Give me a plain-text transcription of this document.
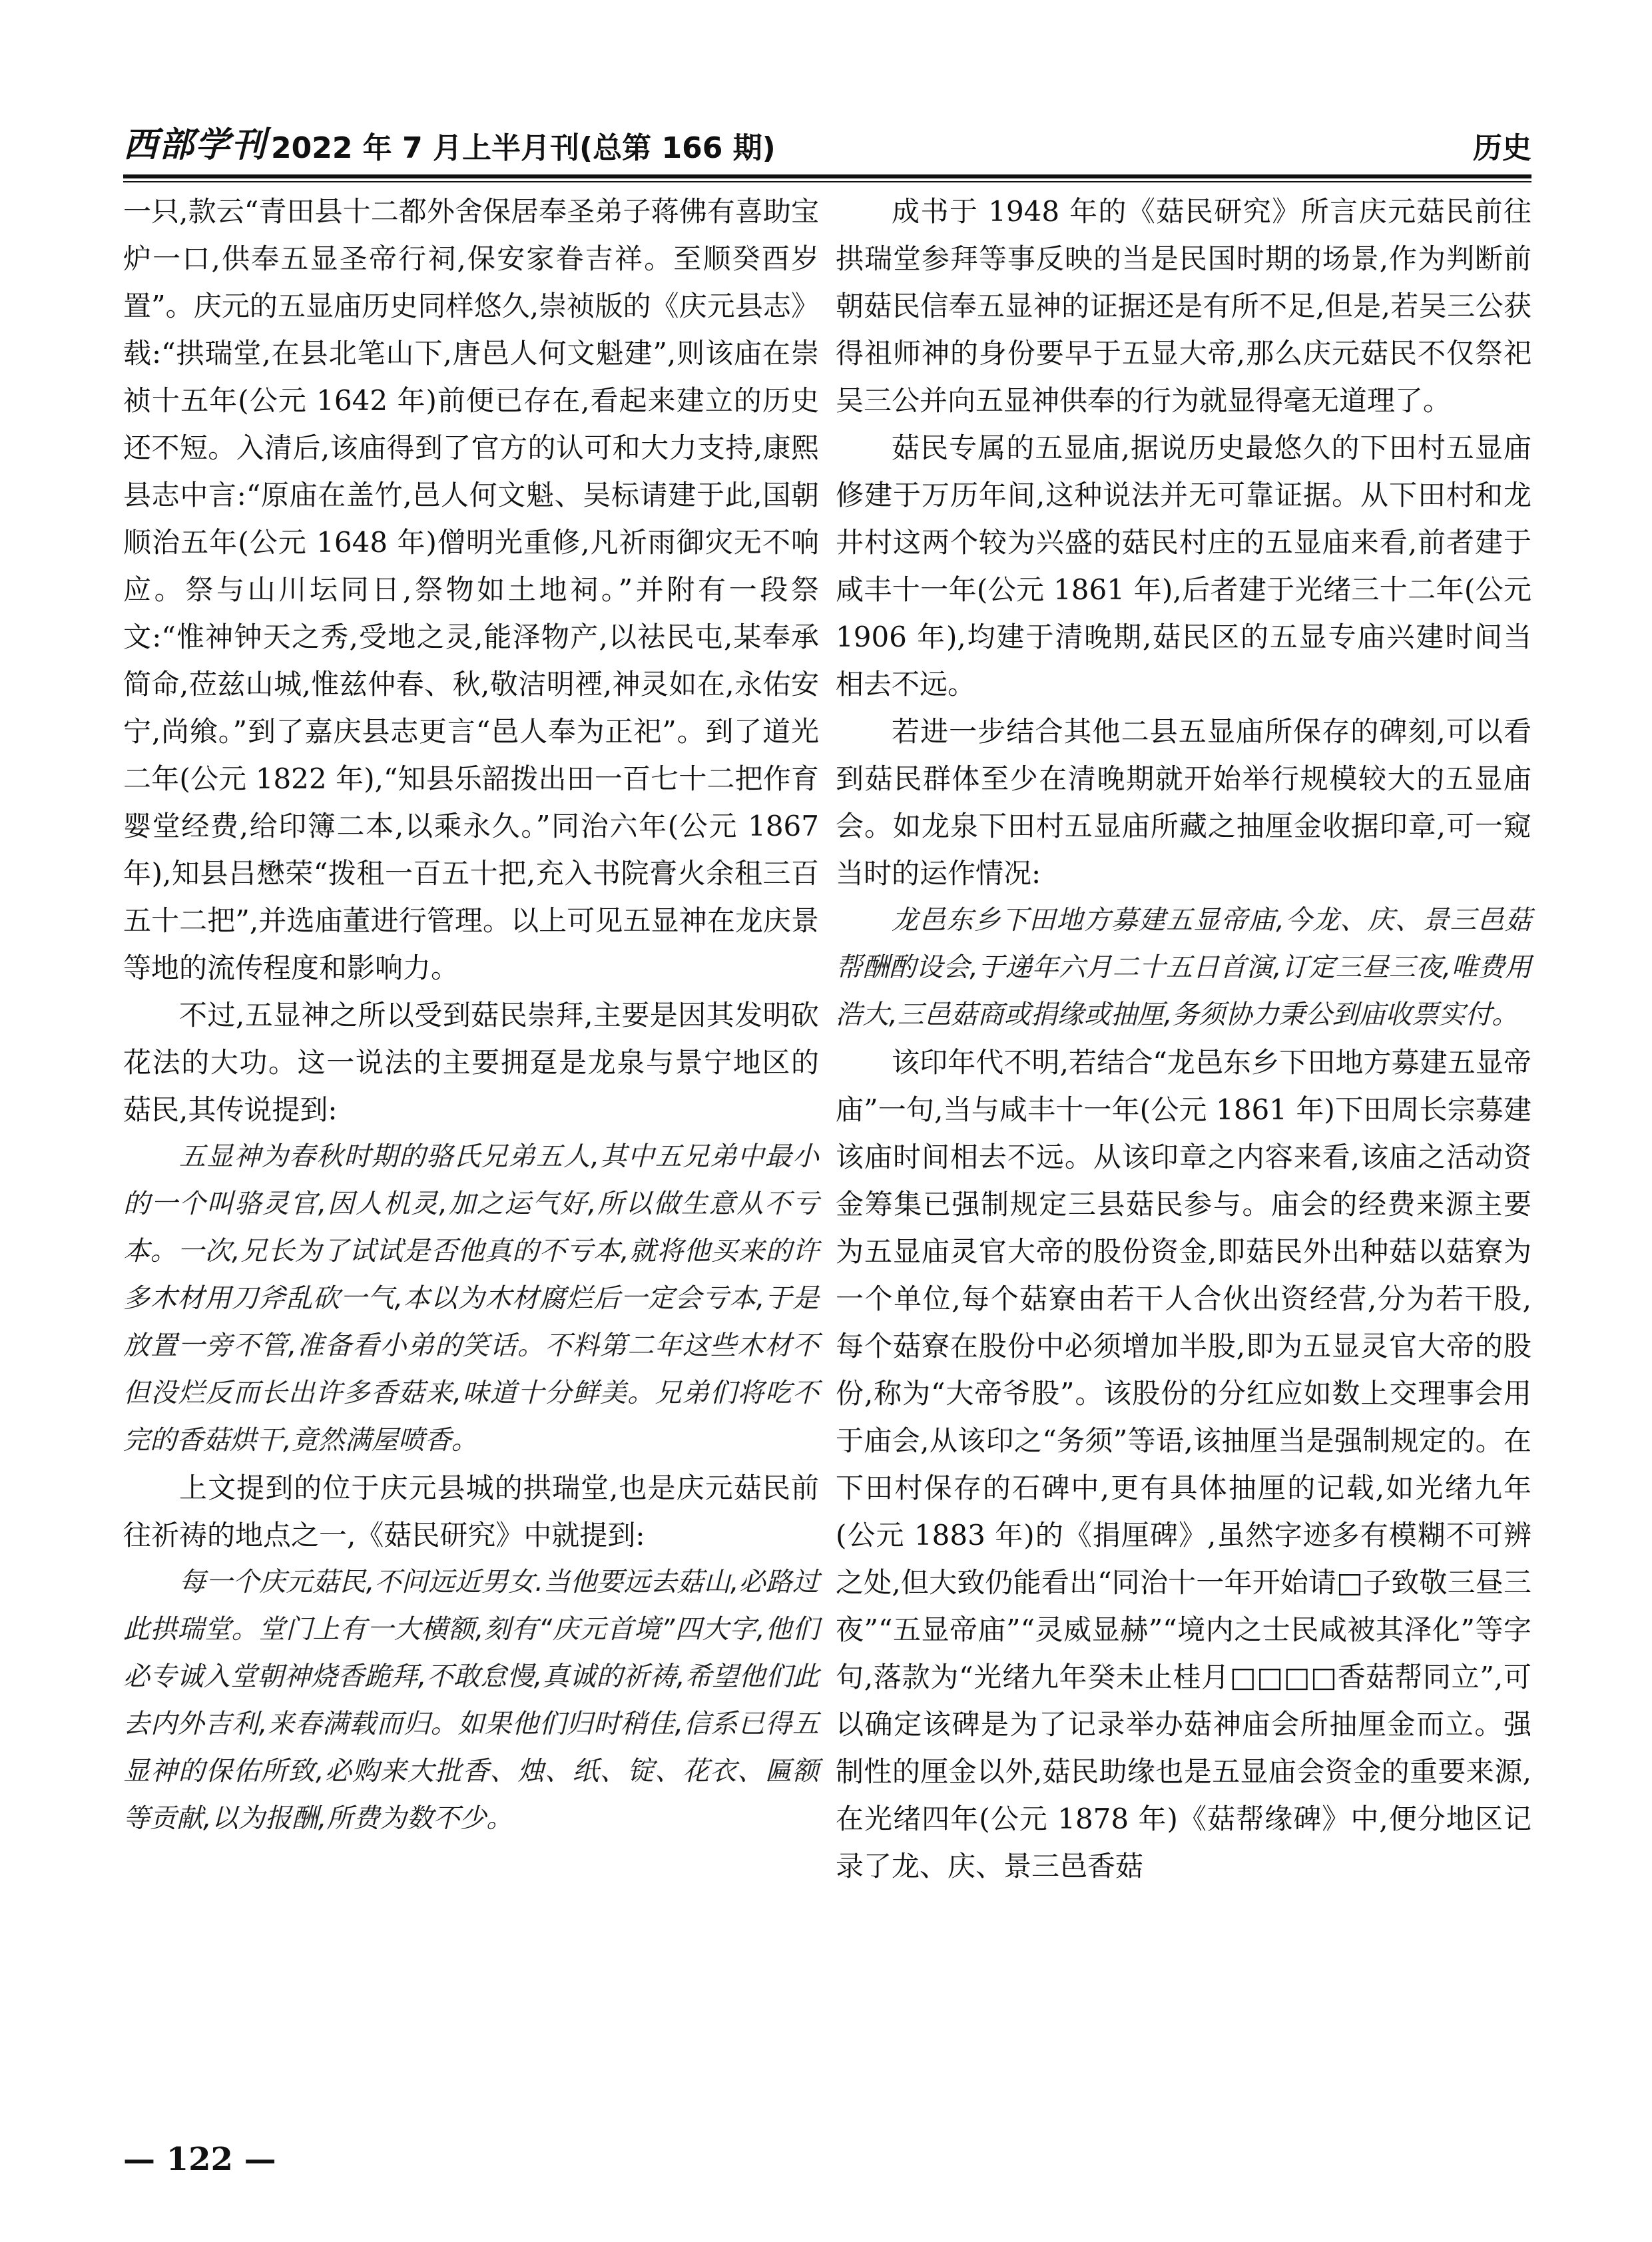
西部学刊 2022 年 7 月上半月刊(总第 166 期)	历史

一只,款云“青田县十二都外舍保居奉圣弟子蒋佛有喜助宝炉一口,供奉五显圣帝行祠,保安家眷吉祥。至顺癸酉岁置”。庆元的五显庙历史同样悠久,崇祯版的《庆元县志》载:“拱瑞堂,在县北笔山下,唐邑人何文魁建”,则该庙在崇祯十五年(公元 1642 年)前便已存在,看起来建立的历史还不短。入清后,该庙得到了官方的认可和大力支持,康熙县志中言:“原庙在盖竹,邑人何文魁、吴标请建于此,国朝顺治五年(公元 1648 年)僧明光重修,凡祈雨御灾无不响应。祭与山川坛同日,祭物如土地祠。”并附有一段祭文:“惟神钟天之秀,受地之灵,能泽物产,以祛民屯,某奉承简命,莅兹山城,惟兹仲春、秋,敬洁明禋,神灵如在,永佑安宁,尚飨。”到了嘉庆县志更言“邑人奉为正祀”。到了道光二年(公元 1822 年),“知县乐韶拨出田一百七十二把作育婴堂经费,给印簿二本,以乘永久。”同治六年(公元 1867 年),知县吕懋荣“拨租一百五十把,充入书院膏火余租三百五十二把”,并选庙董进行管理。以上可见五显神在龙庆景等地的流传程度和影响力。

不过,五显神之所以受到菇民崇拜,主要是因其发明砍花法的大功。这一说法的主要拥趸是龙泉与景宁地区的菇民,其传说提到:

五显神为春秋时期的骆氏兄弟五人,其中五兄弟中最小的一个叫骆灵官,因人机灵,加之运气好,所以做生意从不亏本。一次,兄长为了试试是否他真的不亏本,就将他买来的许多木材用刀斧乱砍一气,本以为木材腐烂后一定会亏本,于是放置一旁不管,准备看小弟的笑话。不料第二年这些木材不但没烂反而长出许多香菇来,味道十分鲜美。兄弟们将吃不完的香菇烘干,竟然满屋喷香。

上文提到的位于庆元县城的拱瑞堂,也是庆元菇民前往祈祷的地点之一,《菇民研究》中就提到:

每一个庆元菇民,不问远近男女.当他要远去菇山,必路过此拱瑞堂。堂门上有一大横额,刻有“庆元首境”四大字,他们必专诚入堂朝神烧香跪拜,不敢怠慢,真诚的祈祷,希望他们此去内外吉利,来春满载而归。如果他们归时稍佳,信系已得五显神的保佑所致,必购来大批香、烛、纸、锭、花衣、匾额等贡献,以为报酬,所费为数不少。

成书于 1948 年的《菇民研究》所言庆元菇民前往拱瑞堂参拜等事反映的当是民国时期的场景,作为判断前朝菇民信奉五显神的证据还是有所不足,但是,若吴三公获得祖师神的身份要早于五显大帝,那么庆元菇民不仅祭祀吴三公并向五显神供奉的行为就显得毫无道理了。

菇民专属的五显庙,据说历史最悠久的下田村五显庙修建于万历年间,这种说法并无可靠证据。从下田村和龙井村这两个较为兴盛的菇民村庄的五显庙来看,前者建于咸丰十一年(公元 1861 年),后者建于光绪三十二年(公元 1906 年),均建于清晚期,菇民区的五显专庙兴建时间当相去不远。

若进一步结合其他二县五显庙所保存的碑刻,可以看到菇民群体至少在清晚期就开始举行规模较大的五显庙会。如龙泉下田村五显庙所藏之抽厘金收据印章,可一窥当时的运作情况:

龙邑东乡下田地方募建五显帝庙,今龙、庆、景三邑菇帮酬酌设会,于递年六月二十五日首演,订定三昼三夜,唯费用浩大,三邑菇商或捐缘或抽厘,务须协力秉公到庙收票实付。

该印年代不明,若结合“龙邑东乡下田地方募建五显帝庙”一句,当与咸丰十一年(公元 1861 年)下田周长宗募建该庙时间相去不远。从该印章之内容来看,该庙之活动资金筹集已强制规定三县菇民参与。庙会的经费来源主要为五显庙灵官大帝的股份资金,即菇民外出种菇以菇寮为一个单位,每个菇寮由若干人合伙出资经营,分为若干股,每个菇寮在股份中必须增加半股,即为五显灵官大帝的股份,称为“大帝爷股”。该股份的分红应如数上交理事会用于庙会,从该印之“务须”等语,该抽厘当是强制规定的。在下田村保存的石碑中,更有具体抽厘的记载,如光绪九年(公元 1883 年)的《捐厘碑》,虽然字迹多有模糊不可辨之处,但大致仍能看出“同治十一年开始请□子致敬三昼三夜”“五显帝庙”“灵威显赫”“境内之士民咸被其泽化”等字句,落款为“光绪九年癸未止桂月□□□□香菇帮同立”,可以确定该碑是为了记录举办菇神庙会所抽厘金而立。强制性的厘金以外,菇民助缘也是五显庙会资金的重要来源,在光绪四年(公元 1878 年)《菇帮缘碑》中,便分地区记录了龙、庆、景三邑香菇

— 122 —
